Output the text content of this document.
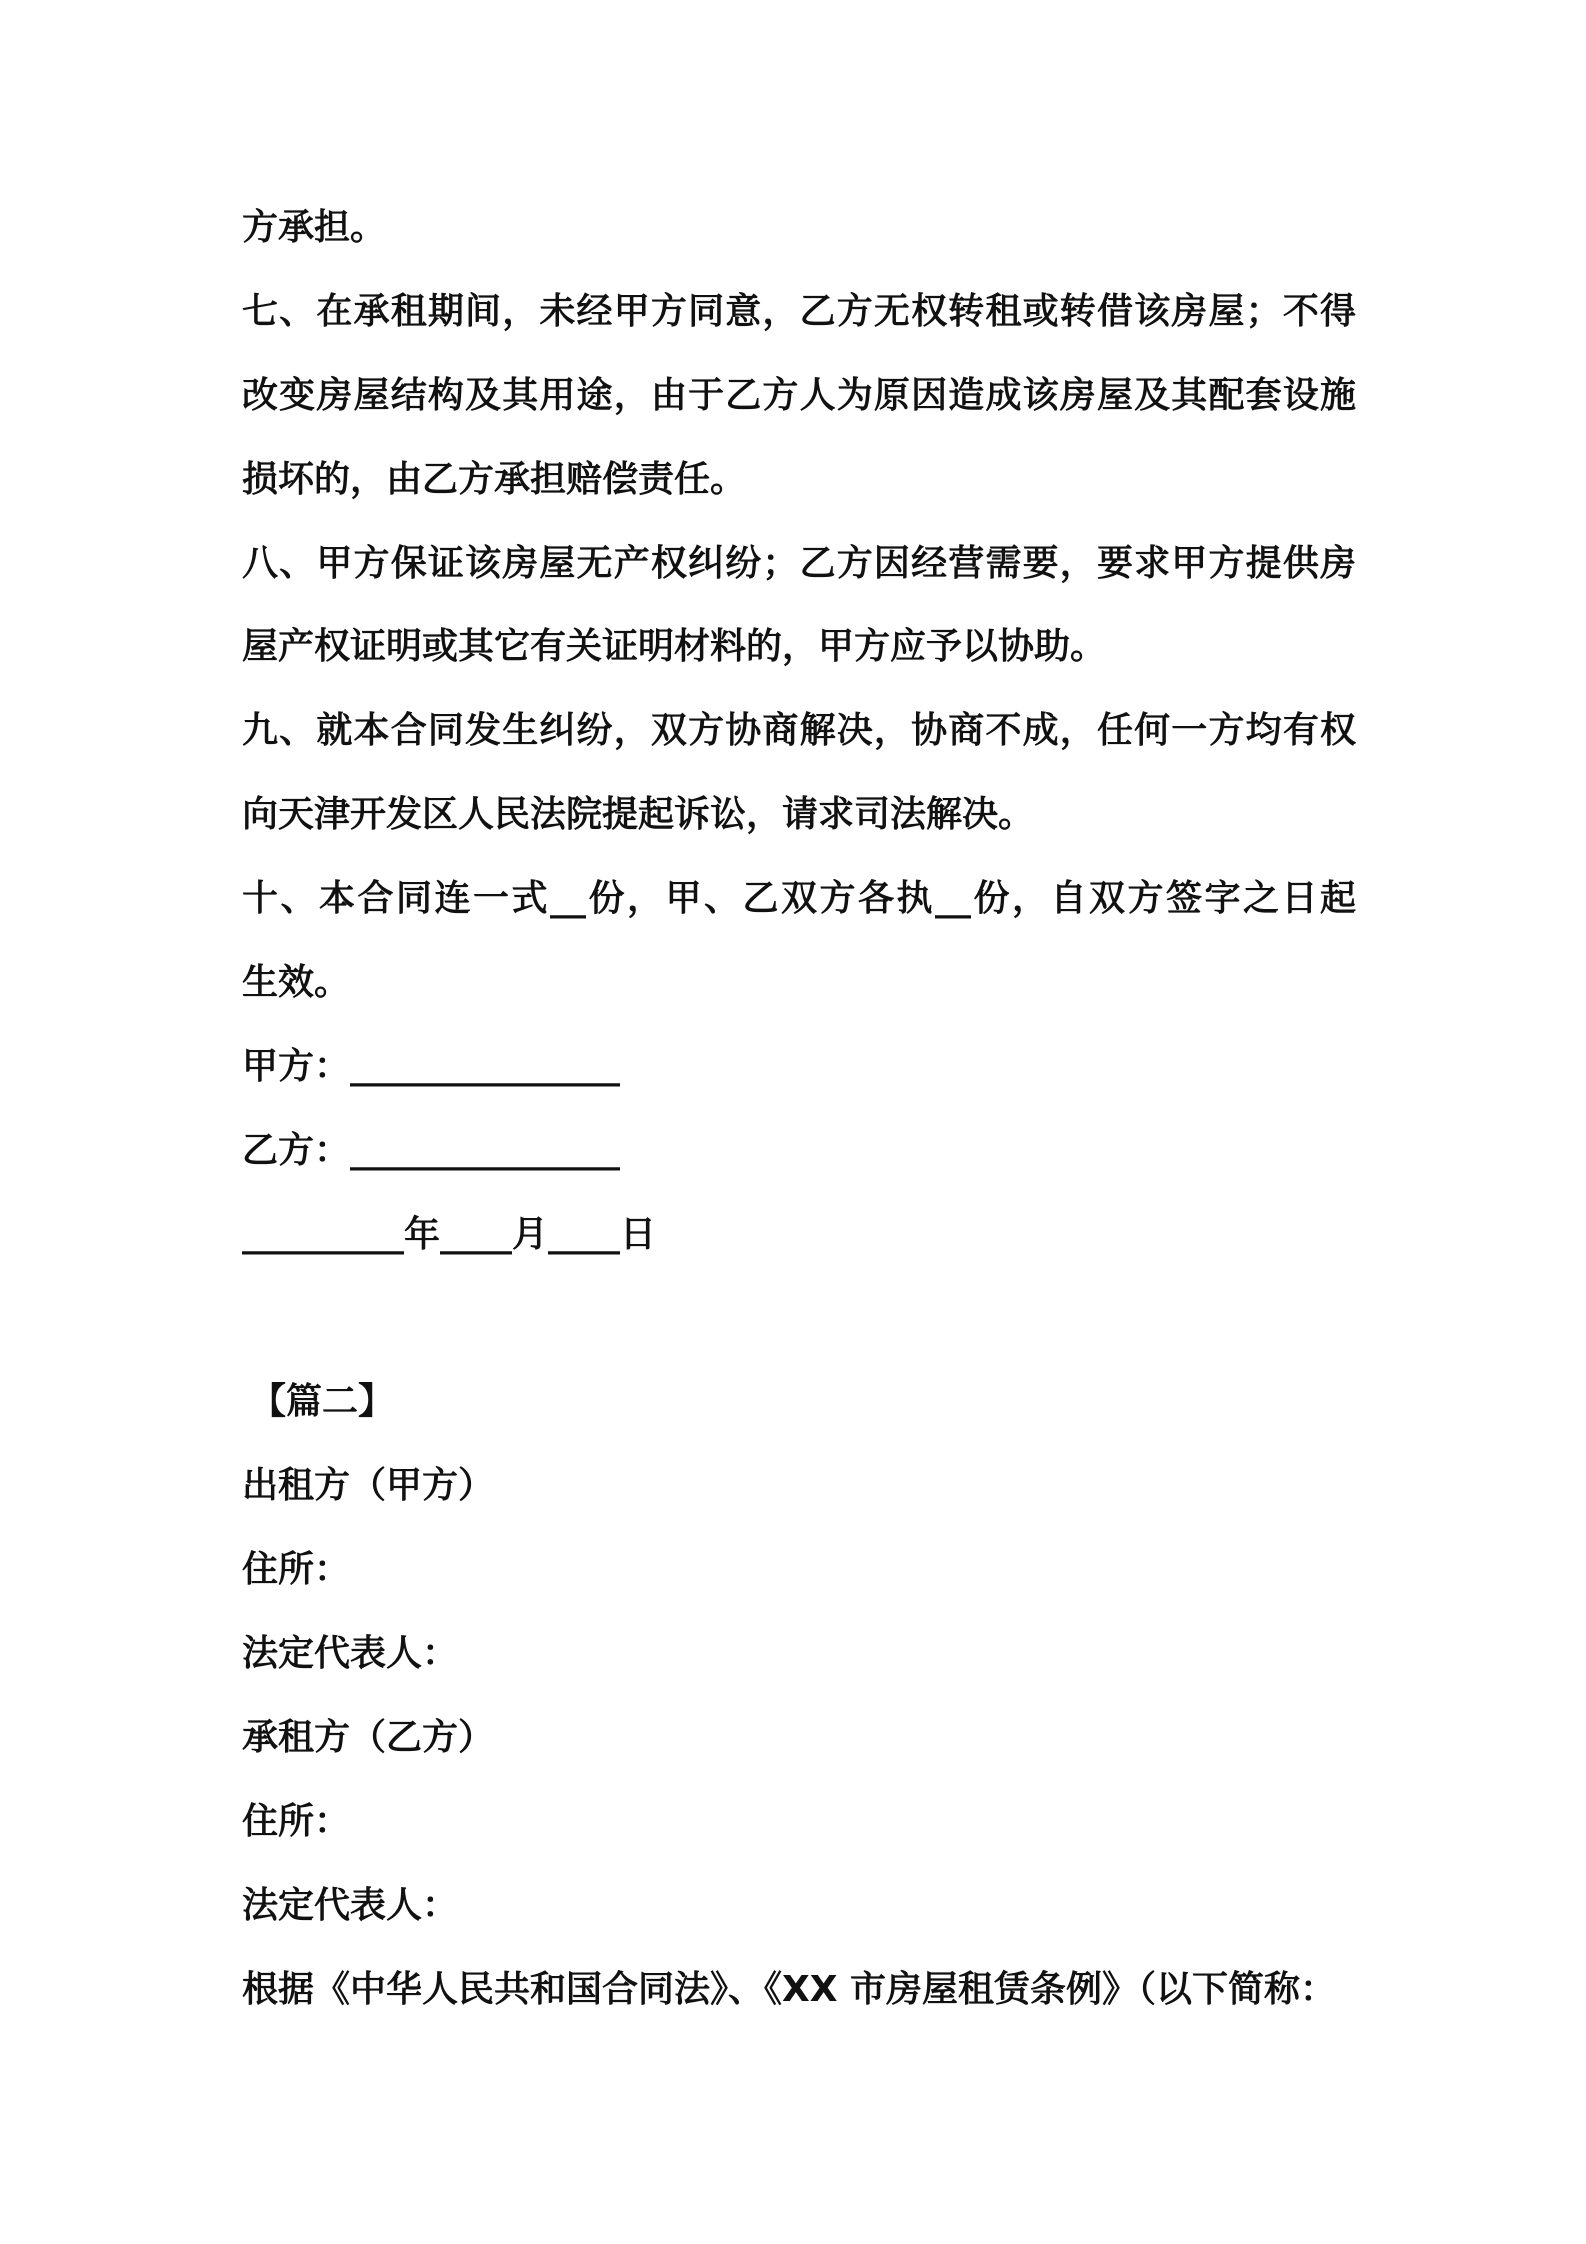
方承担。
七、在承租期间，未经甲方同意，乙方无权转租或转借该房屋；不得
改变房屋结构及其用途，由于乙方人为原因造成该房屋及其配套设施
损坏的，由乙方承担赔偿责任。
八、甲方保证该房屋无产权纠纷；乙方因经营需要，要求甲方提供房
屋产权证明或其它有关证明材料的，甲方应予以协助。
九、就本合同发生纠纷，双方协商解决，协商不成，任何一方均有权
向天津开发区人民法院提起诉讼，请求司法解决。
十、本合同连一式__份，甲、乙双方各执__份，自双方签字之日起
生效。
甲方：_______________
乙方：_______________
_________年____月____日
【篇二】
出租方（甲方）
住所：
法定代表人：
承租方（乙方）
住所：
法定代表人：
根据《中华人民共和国合同法》、《XX 市房屋租赁条例》（以下简称：
